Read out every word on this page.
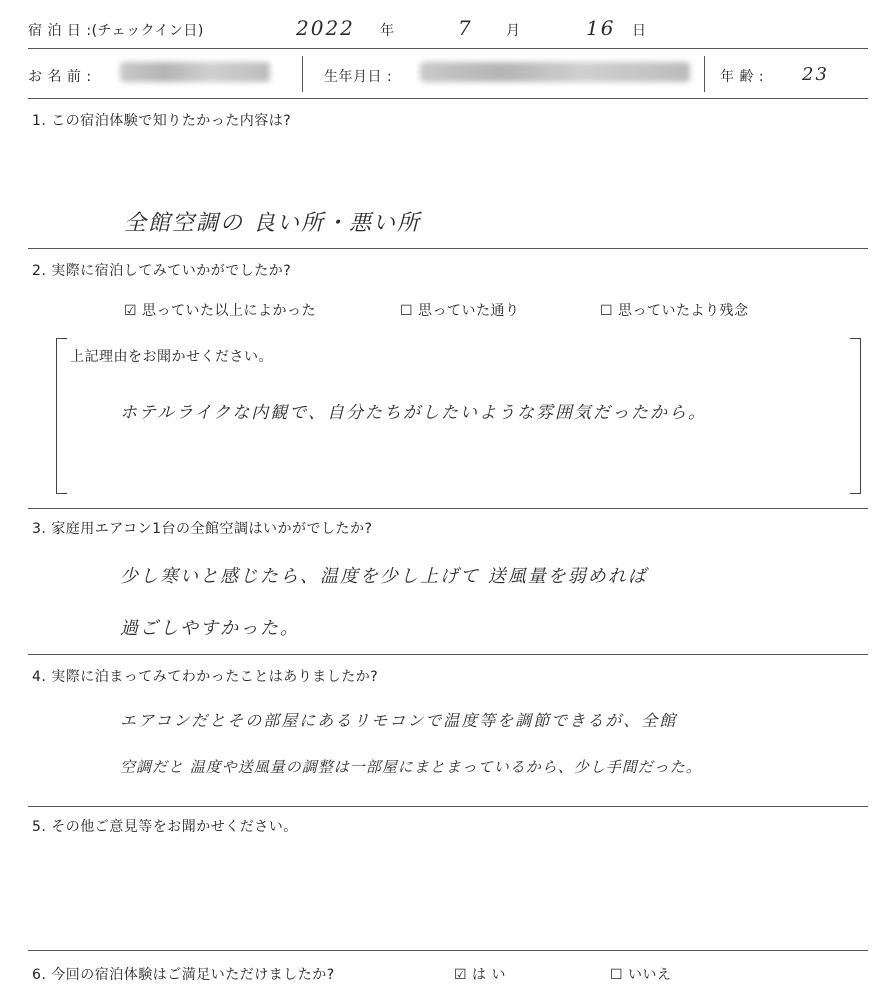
宿 泊 日 :(チェックイン日)	2022 年	7 月	16 日
お 名 前 :	生年月日 :	年 齢 : 23
1. この宿泊体験で知りたかった内容は?
全館空調の 良い所・悪い所
2. 実際に宿泊してみていかがでしたか?
☑ 思っていた以上によかった	☐ 思っていた通り	☐ 思っていたより残念
上記理由をお聞かせください。
ホテルライクな内観で、自分たちがしたいような雰囲気だったから。
3. 家庭用エアコン1台の全館空調はいかがでしたか?
少し寒いと感じたら、温度を少し上げて 送風量を弱めれば
過ごしやすかった。
4. 実際に泊まってみてわかったことはありましたか?
エアコンだとその部屋にあるリモコンで温度等を調節できるが、全館
空調だと 温度や送風量の調整は一部屋にまとまっているから、少し手間だった。
5. その他ご意見等をお聞かせください。
6. 今回の宿泊体験はご満足いただけましたか?	☑ は い	☐ いいえ
